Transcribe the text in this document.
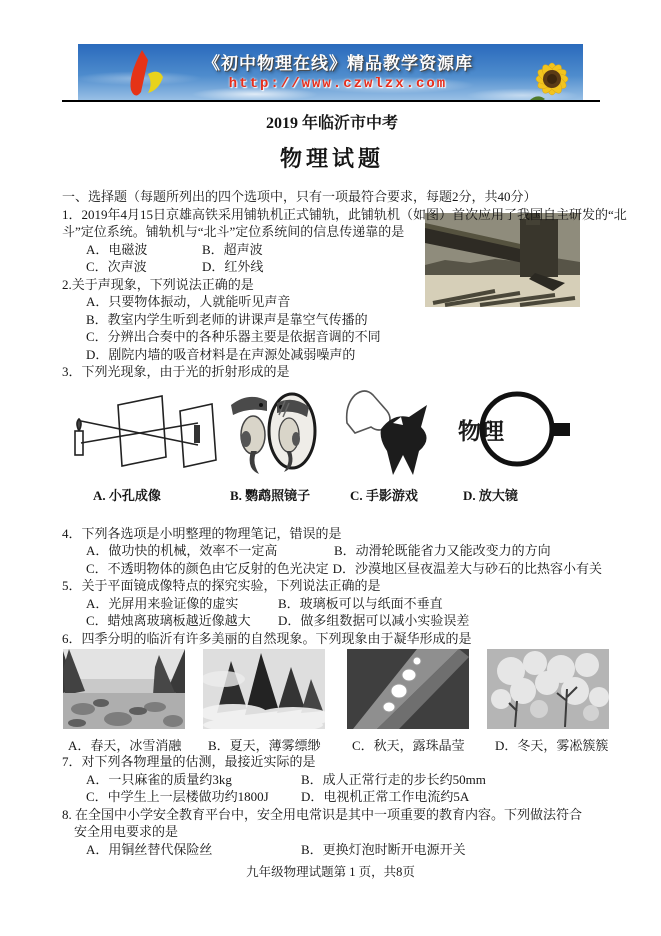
《初中物理在线》精品教学资源库
http://www.czwlzx.com
2019 年临沂市中考
物理试题
一、选择题（每题所列出的四个选项中，只有一项最符合要求，每题2分，共40分）
1．2019年4月15日京雄高铁采用铺轨机正式铺轨，此铺轨机（如图）首次应用了我国自主研发的“北
斗”定位系统。铺轨机与“北斗”定位系统间的信息传递靠的是
A．电磁波	B．超声波
C．次声波	D．红外线
2.关于声现象，下列说法正确的是
A．只要物体振动，人就能听见声音
B．教室内学生听到老师的讲课声是靠空气传播的
C．分辨出合奏中的各种乐器主要是依据音调的不同
D．剧院内墙的吸音材料是在声源处减弱噪声的
3．下列光现象，由于光的折射形成的是
物理
A. 小孔成像	B. 鹦鹉照镜子	C. 手影游戏	D. 放大镜
4．下列各选项是小明整理的物理笔记，错误的是
A．做功快的机械，效率不一定高	B．动滑轮既能省力又能改变力的方向
C．不透明物体的颜色由它反射的色光决定 D．沙漠地区昼夜温差大与砂石的比热容小有关
5．关于平面镜成像特点的探究实验，下列说法正确的是
A．光屏用来验证像的虚实	B．玻璃板可以与纸面不垂直
C．蜡烛离玻璃板越近像越大	D．做多组数据可以减小实验误差
6．四季分明的临沂有许多美丽的自然现象。下列现象由于凝华形成的是
A．春天，冰雪消融 B．夏天，薄雾缥缈 C．秋天，露珠晶莹 D．冬天，雾凇簇簇
7．对下列各物理量的估测，最接近实际的是
A．一只麻雀的质量约3kg	B．成人正常行走的步长约50mm
C．中学生上一层楼做功约1800J	D．电视机正常工作电流约5A
8. 在全国中小学安全教育平台中，安全用电常识是其中一项重要的教育内容。下列做法符合
安全用电要求的是
A．用铜丝替代保险丝	B．更换灯泡时断开电源开关
九年级物理试题第 1 页，共8页
